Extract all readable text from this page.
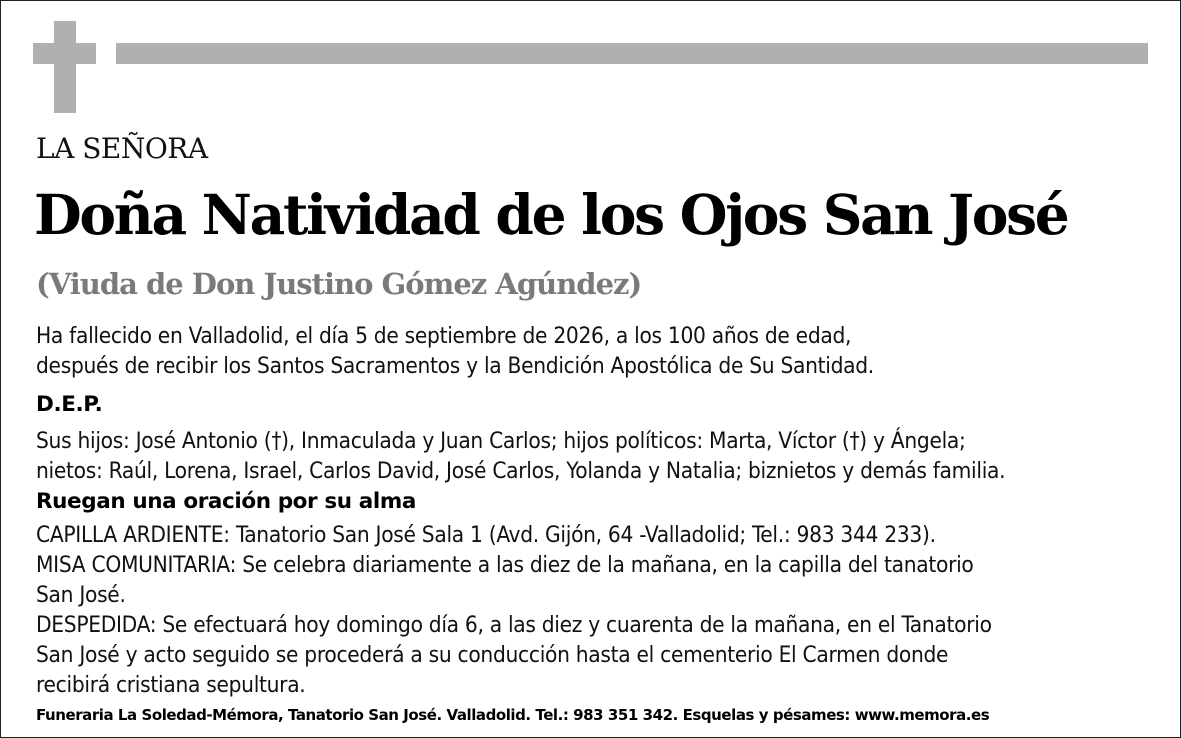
LA SEÑORA
Doña Natividad de los Ojos San José
(Viuda de Don Justino Gómez Agúndez)
Ha fallecido en Valladolid, el día 5 de septiembre de 2026, a los 100 años de edad,
después de recibir los Santos Sacramentos y la Bendición Apostólica de Su Santidad.
D.E.P.
Sus hijos: José Antonio (†), Inmaculada y Juan Carlos; hijos políticos: Marta, Víctor (†) y Ángela;
nietos: Raúl, Lorena, Israel, Carlos David, José Carlos, Yolanda y Natalia; biznietos y demás familia.
Ruegan una oración por su alma
CAPILLA ARDIENTE: Tanatorio San José Sala 1 (Avd. Gijón, 64 -Valladolid; Tel.: 983 344 233).
MISA COMUNITARIA: Se celebra diariamente a las diez de la mañana, en la capilla del tanatorio
San José.
DESPEDIDA: Se efectuará hoy domingo día 6, a las diez y cuarenta de la mañana, en el Tanatorio
San José y acto seguido se procederá a su conducción hasta el cementerio El Carmen donde
recibirá cristiana sepultura.
Funeraria La Soledad-Mémora, Tanatorio San José. Valladolid. Tel.: 983 351 342. Esquelas y pésames: www.memora.es
